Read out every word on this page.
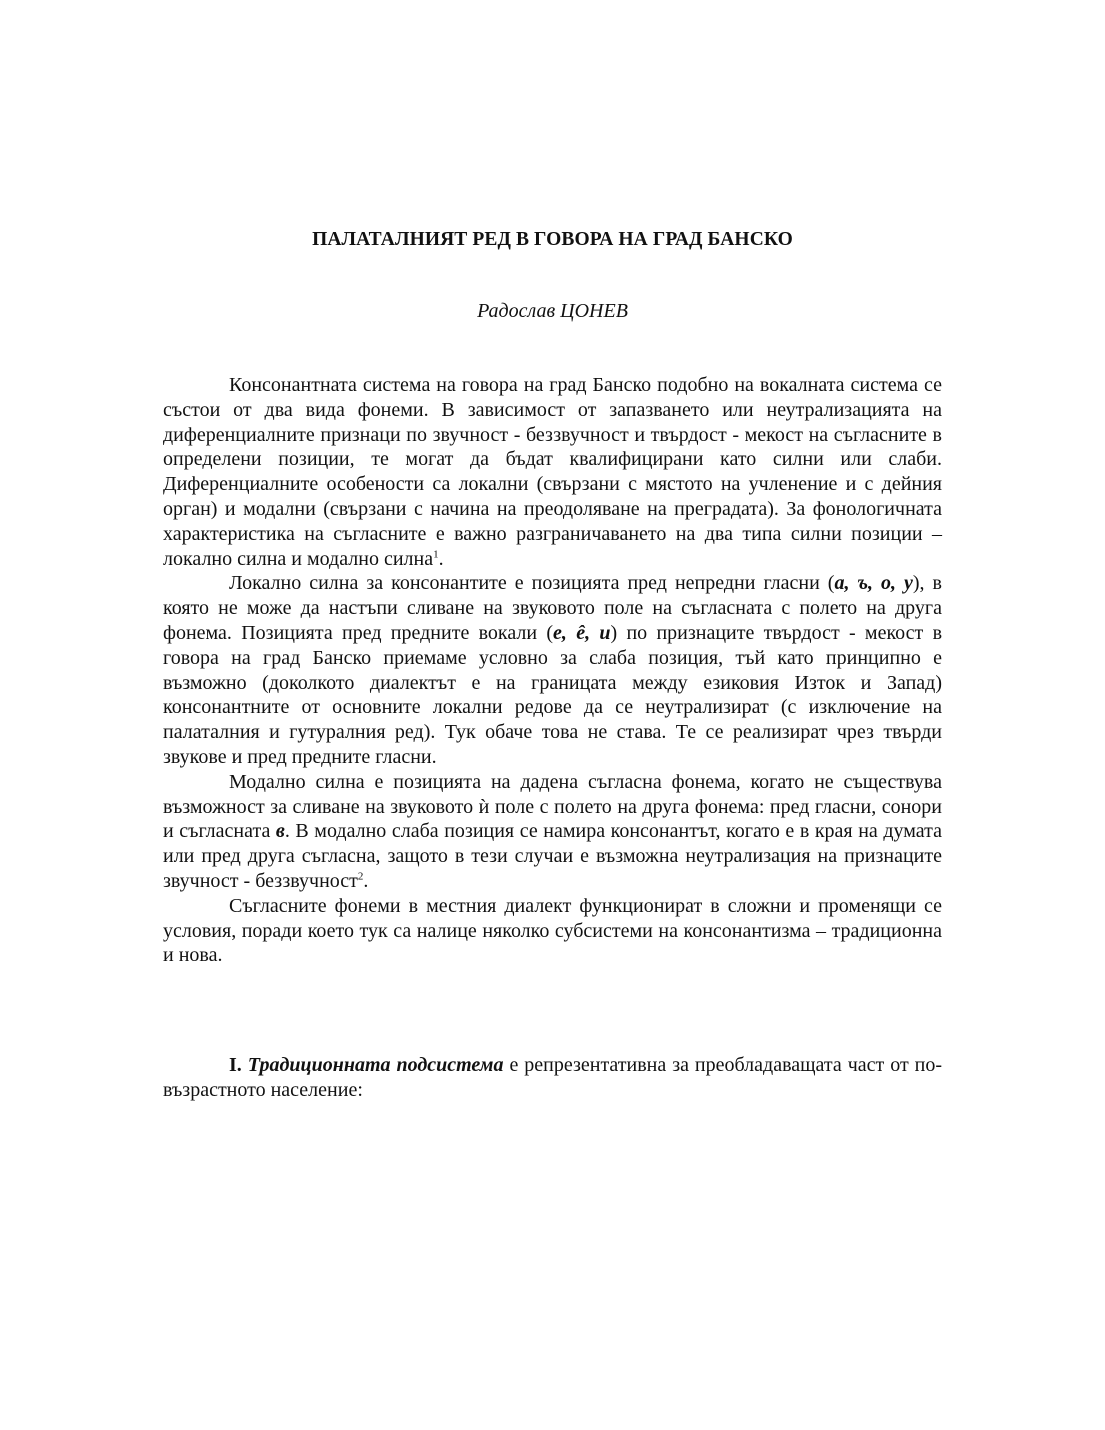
ПАЛАТАЛНИЯТ РЕД В ГОВОРА НА ГРАД БАНСКО
Радослав ЦОНЕВ

Консонантната система на говора на град Банско подобно на вокалната система се състои от два вида фонеми. В зависимост от запазването или неутрализацията на диференциалните признаци по звучност - беззвучност и твърдост - мекост на съгласните в определени позиции, те могат да бъдат квалифицирани като силни или слаби. Диференциалните особености са локални (свързани с мястото на учленение и с дейния орган) и модални (свързани с начина на преодоляване на преградата). За фонологичната характеристика на съгласните е важно разграничаването на два типа силни позиции – локално силна и модално силна$^1$.

Локално силна за консонантите е позицията пред непредни гласни (а, ъ, о, у), в която не може да настъпи сливане на звуковото поле на съгласната с полето на друга фонема. Позицията пред предните вокали (е, ê, и) по признаците твърдост - мекост в говора на град Банско приемаме условно за слаба позиция, тъй като принципно е възможно (доколкото диалектът е на границата между езиковия Изток и Запад) консонантните от основните локални редове да се неутрализират (с изключение на палаталния и гутуралния ред). Тук обаче това не става. Те се реализират чрез твърди звукове и пред предните гласни.

Модално силна е позицията на дадена съгласна фонема, когато не съществува възможност за сливане на звуковото ѝ поле с полето на друга фонема: пред гласни, сонори и съгласната в. В модално слаба позиция се намира консонантът, когато е в края на думата или пред друга съгласна, защото в тези случаи е възможна неутрализация на признаците звучност - беззвучност$^2$.

Съгласните фонеми в местния диалект функционират в сложни и променящи се условия, поради което тук са налице няколко субсистеми на консонантизма – традиционна и нова.

I. Традиционната подсистема е репрезентативна за преобладаващата част от по-възрастното население:
